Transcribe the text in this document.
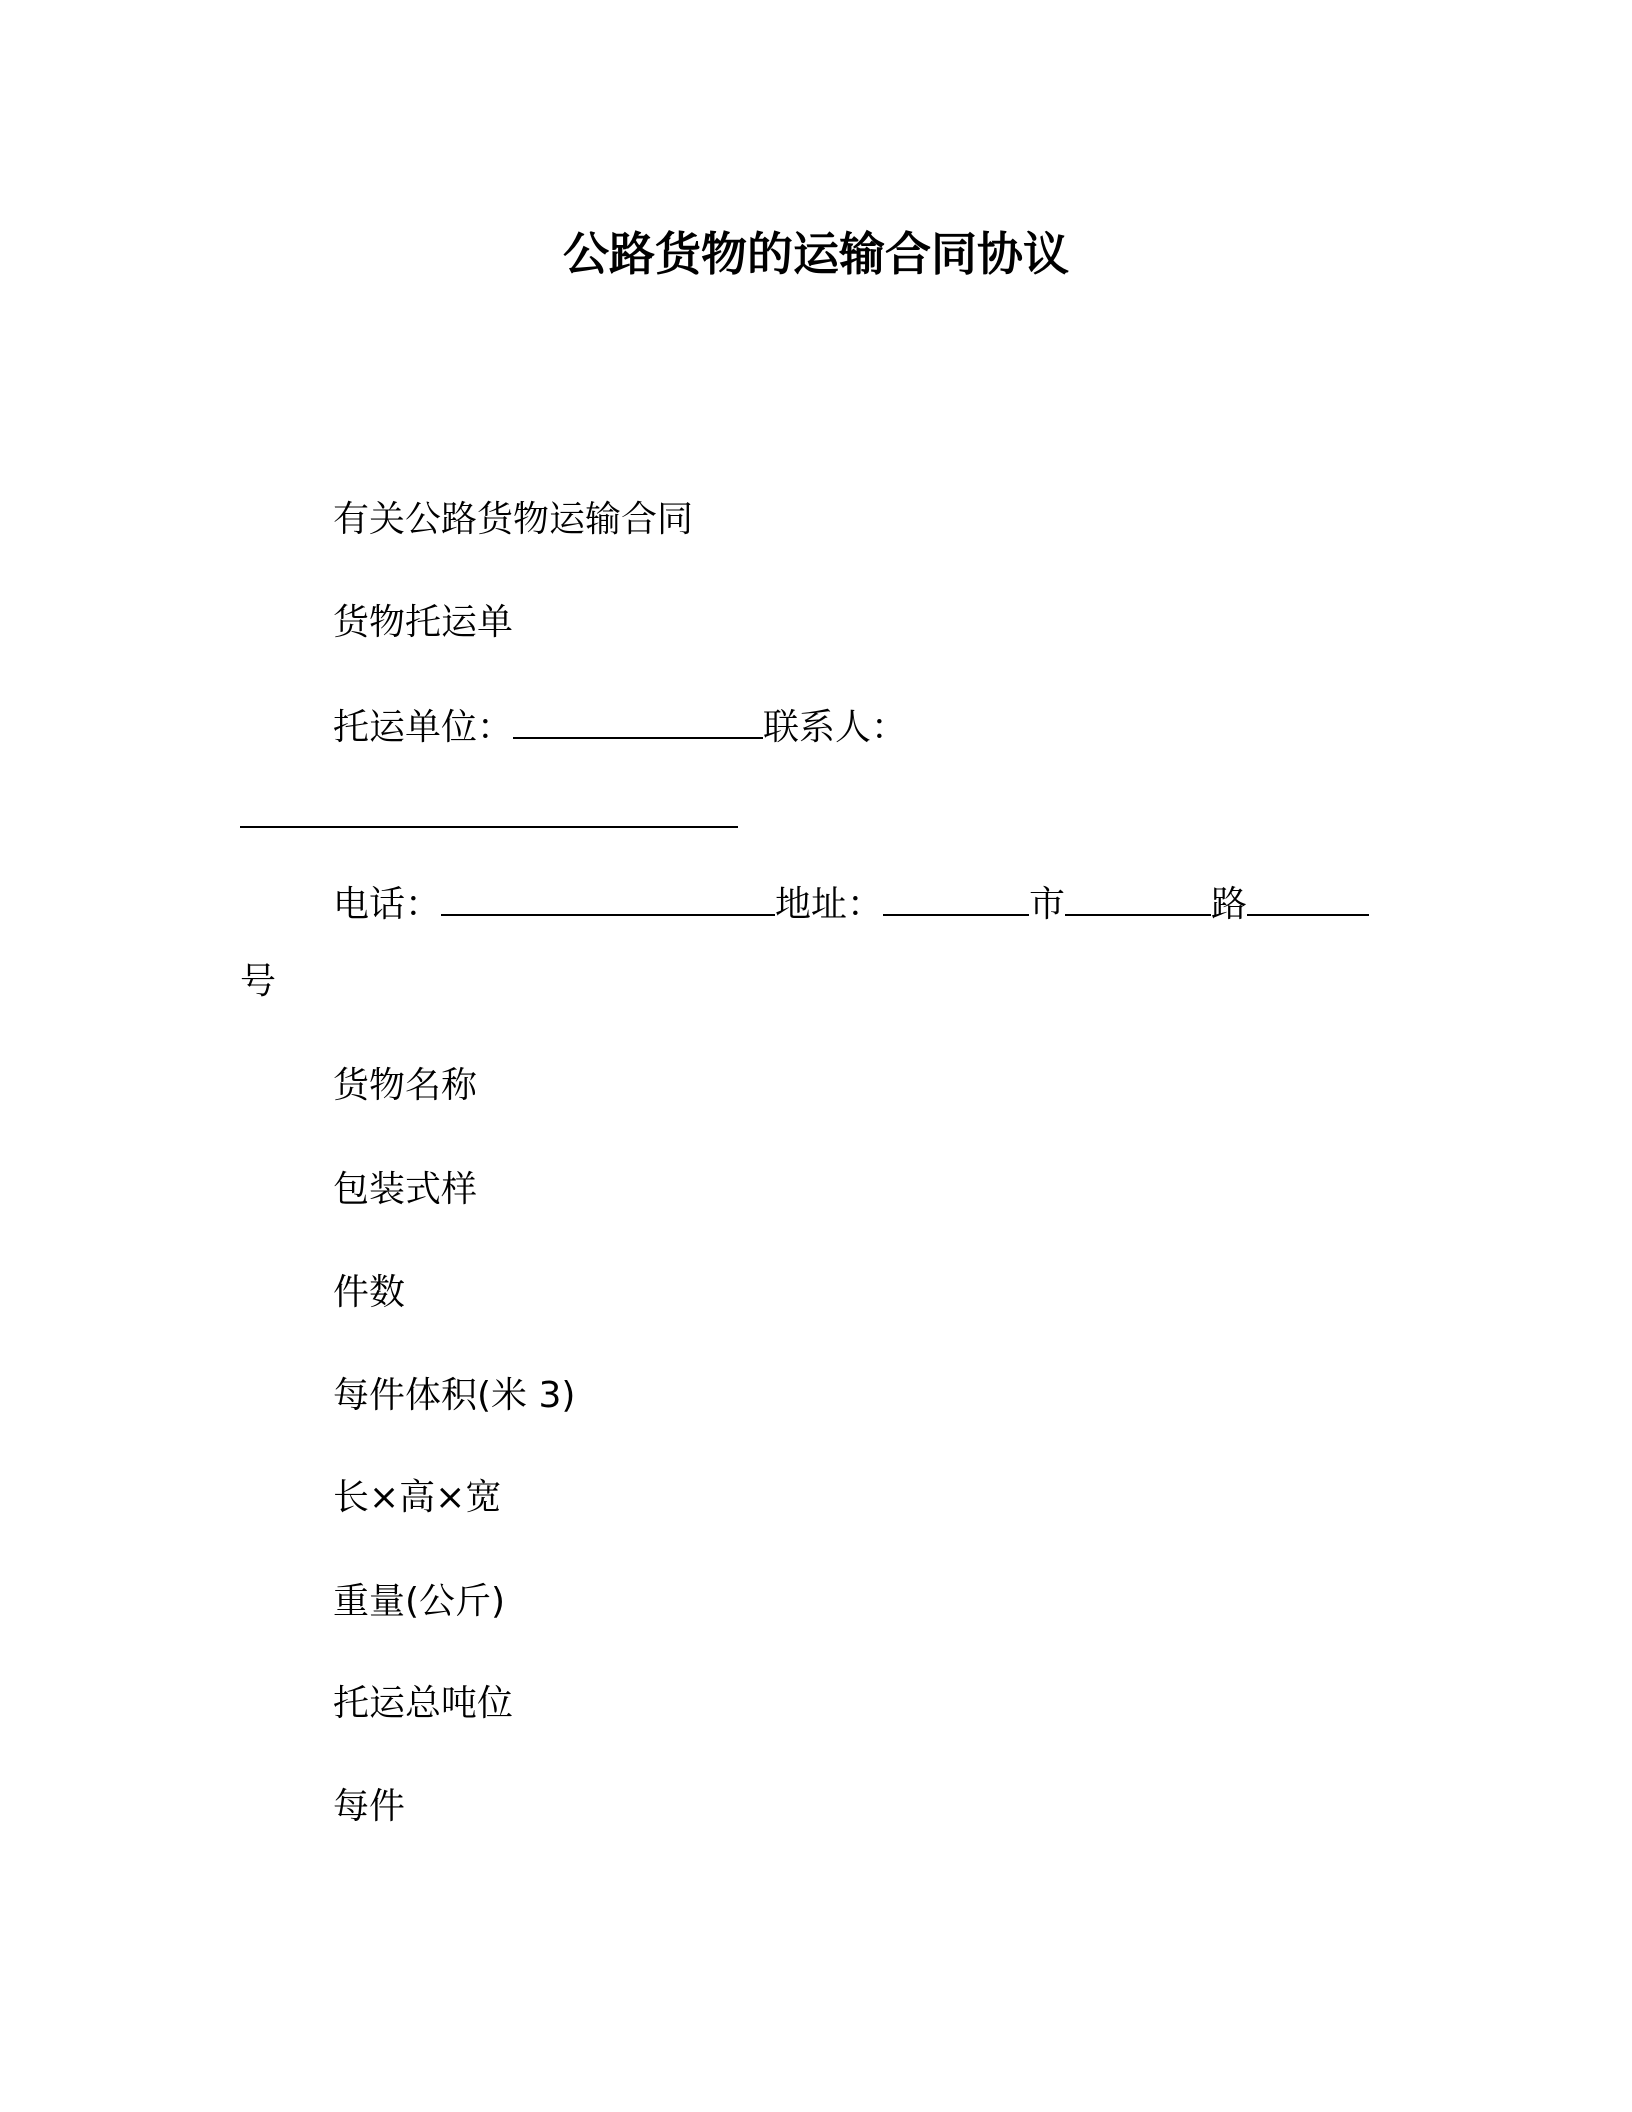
公路货物的运输合同协议
有关公路货物运输合同
货物托运单
托运单位：	联系人：
电话：	地址：	市	路
号
货物名称
包装式样
件数
每件体积(米 3)
长×高×宽
重量(公斤)
托运总吨位
每件
